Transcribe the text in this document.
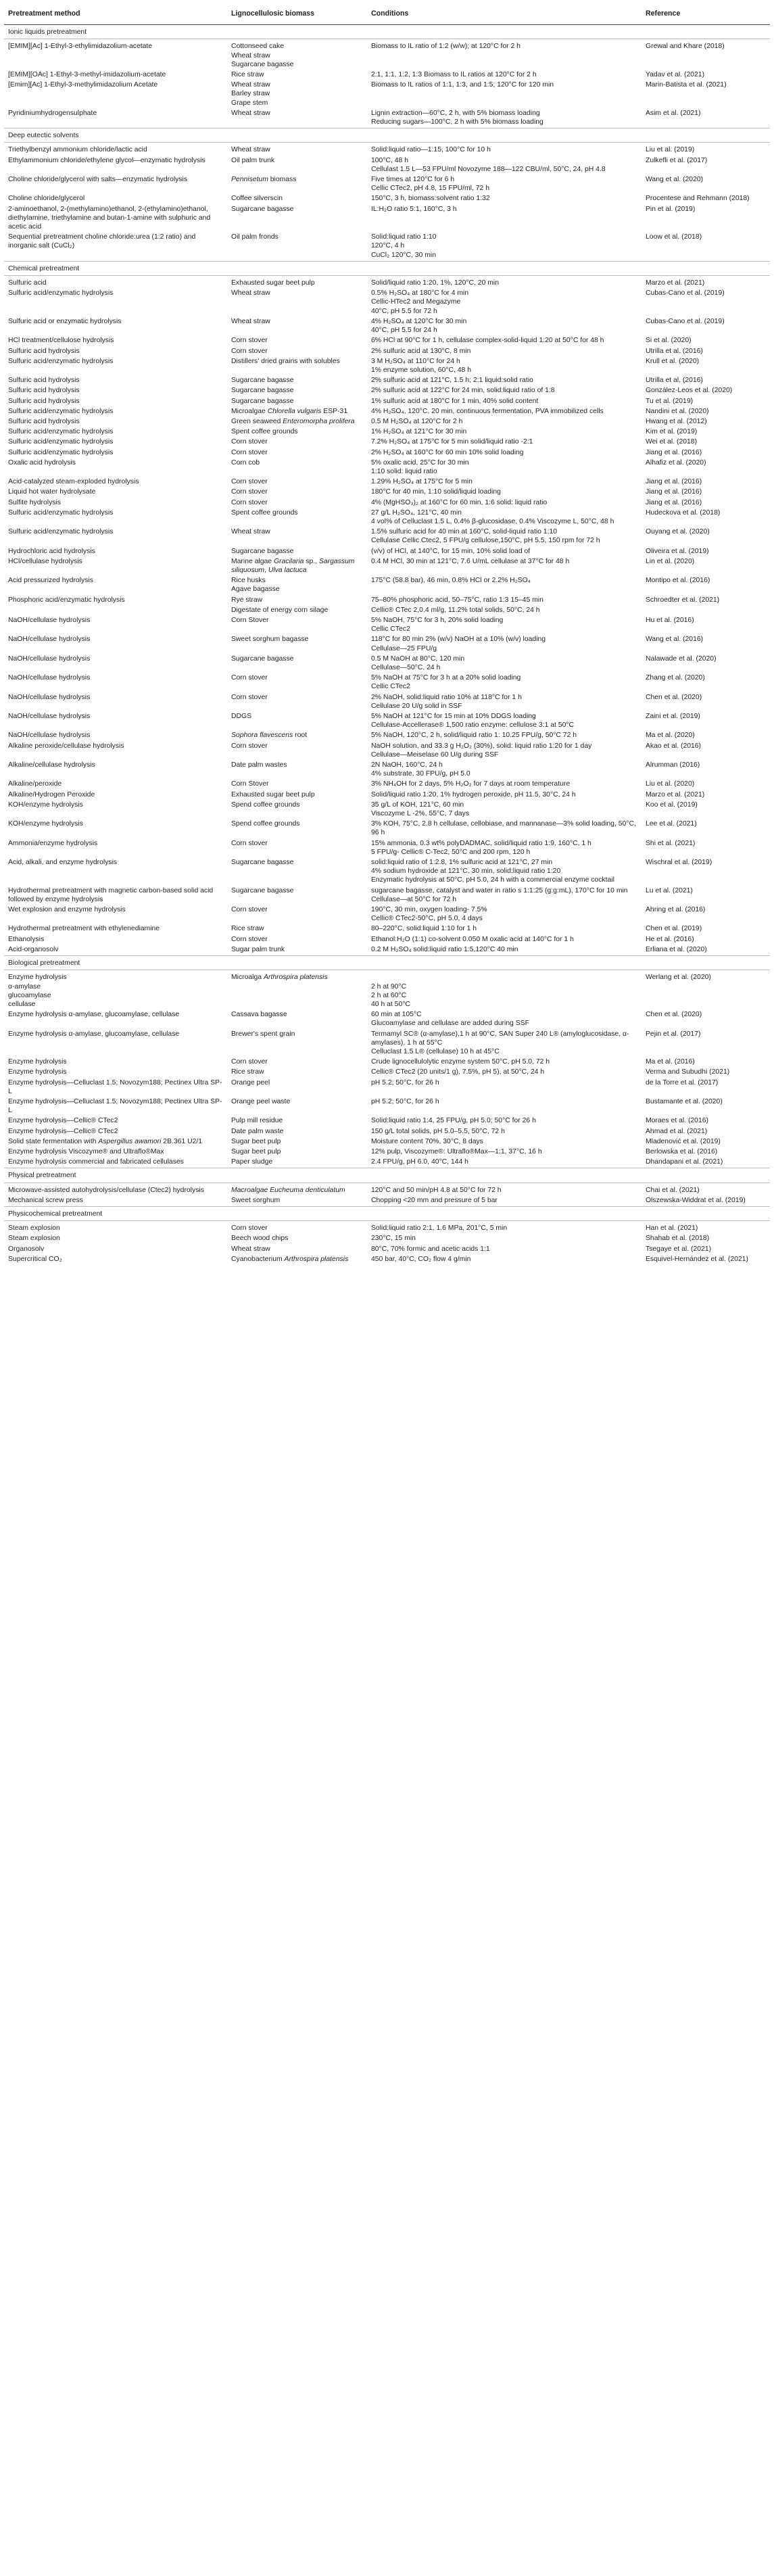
Pretreatment method	Lignocellulosic biomass	Conditions	Reference
Ionic liquids pretreatment			

[EMIM][Ac] 1-Ethyl-3-ethylimidazolium-acetate	Cottonseed cake
Wheat straw
Sugarcane bagasse	Biomass to IL ratio of 1:2 (w/w); at 120°C for 2 h	Grewal and Khare (2018)

[EMIM][OAc] 1-Ethyl-3-methyl-imidazolium-acetate	Rice straw	2:1, 1:1, 1:2, 1:3 Biomass to IL ratios at 120°C for 2 h	Yadav et al. (2021)

[Emim][Ac] 1-Ethyl-3-methylimidazolium Acetate	Wheat straw
Barley straw
Grape stem	Biomass to IL ratios of 1:1, 1:3, and 1:5; 120°C for 120 min	Marin-Batista et al. (2021)

Pyridiniumhydrogensulphate	Wheat straw	Lignin extraction—60°C, 2 h, with 5% biomass loading
Reducing sugars—100°C, 2 h with 5% biomass loading	Asim et al. (2021)

Deep eutectic solvents			

Triethylbenzyl ammonium chloride/lactic acid	Wheat straw	Solid:liquid ratio—1:15, 100°C for 10 h	Liu et al. (2019)

Ethylammonium chloride/ethylene glycol—enzymatic hydrolysis	Oil palm trunk	100°C, 48 h
Cellulast 1.5 L—53 FPU/ml Novozyme 188—122 CBU/ml, 50°C, 24, pH 4.8	Zulkefli et al. (2017)

Choline chloride/glycerol with salts—enzymatic hydrolysis	Pennisetum biomass	Five times at 120°C for 6 h
Cellic CTec2, pH 4.8, 15 FPU/ml, 72 h	Wang et al. (2020)

Choline chloride/glycerol	Coffee silverscin	150°C, 3 h, biomass:solvent ratio 1:32	Procentese and Rehmann (2018)

2-aminoethanol, 2-(methylamino)ethanol, 2-(ethylamino)ethanol, diethylamine, triethylamine and butan-1-amine with sulphuric and acetic acid	Sugarcane bagasse	IL:H₂O ratio 5:1, 160°C, 3 h	Pin et al. (2019)

Sequential pretreatment choline chloride:urea (1:2 ratio) and inorganic salt (CuCl₂)	Oil palm fronds	Solid:liquid ratio 1:10
120°C, 4 h
CuCl₂ 120°C, 30 min	Loow et al. (2018)

Chemical pretreatment			

Sulfuric acid	Exhausted sugar beet pulp	Solid/liquid ratio 1:20, 1%, 120°C, 20 min	Marzo et al. (2021)

Sulfuric acid/enzymatic hydrolysis	Wheat straw	0.5% H₂SO₄ at 180°C for 4 min
Cellic-HTec2 and Megazyme
40°C, pH 5.5 for 72 h	Cubas-Cano et al. (2019)

Sulfuric acid or enzymatic hydrolysis	Wheat straw	4% H₂SO₄ at 120°C for 30 min
40°C, pH 5.5 for 24 h	Cubas-Cano et al. (2019)

HCl treatment/cellulose hydrolysis	Corn stover	6% HCl at 90°C for 1 h, cellulase complex-solid-liquid 1:20 at 50°C for 48 h	Si et al. (2020)

Sulfuric acid hydrolysis	Corn stover	2% sulfuric acid at 130°C, 8 min	Utrilla et al. (2016)

Sulfuric acid/enzymatic hydrolysis	Distillers' dried grains with solubles	3 M H₂SO₄ at 110°C for 24 h
1% enzyme solution, 60°C, 48 h	Krull et al. (2020)

Sulfuric acid hydrolysis	Sugarcane bagasse	2% sulfuric acid at 121°C, 1.5 h; 2:1 liquid:solid ratio	Utrilla et al. (2016)

Sulfuric acid hydrolysis	Sugarcane bagasse	2% sulfuric acid at 122°C for 24 min, solid:liquid ratio of 1:8	González-Leos et al. (2020)

Sulfuric acid hydrolysis	Sugarcane bagasse	1% sulfuric acid at 180°C for 1 min, 40% solid content	Tu et al. (2019)

Sulfuric acid/enzymatic hydrolysis	Microalgae Chlorella vulgaris ESP-31	4% H₂SO₄, 120°C, 20 min, continuous fermentation, PVA immobilized cells	Nandini et al. (2020)

Sulfuric acid hydrolysis	Green seaweed Enteromorpha prolifera	0.5 M H₂SO₄ at 120°C for 2 h	Hwang et al. (2012)

Sulfuric acid/enzymatic hydrolysis	Spent coffee grounds	1% H₂SO₄ at 121°C for 30 min	Kim et al. (2019)

Sulfuric acid/enzymatic hydrolysis	Corn stover	7.2% H₂SO₄ at 175°C for 5 min solid/liquid ratio -2:1	Wei et al. (2018)

Sulfuric acid/enzymatic hydrolysis	Corn stover	2% H₂SO₄ at 160°C for 60 min 10% solid loading	Jiang et al. (2016)

Oxalic acid hydrolysis	Corn cob	5% oxalic acid, 25°C for 30 min
1:10 solid: liquid ratio	Alhafiz et al. (2020)

Acid-catalyzed steam-exploded hydrolysis	Corn stover	1.29% H₂SO₄ at 175°C for 5 min	Jiang et al. (2016)

Liquid hot water hydrolysate	Corn stover	180°C for 40 min, 1:10 solid/liquid loading	Jiang et al. (2016)

Sulfite hydrolysis	Corn stover	4% (MgHSO₃)₂ at 160°C for 60 min, 1:6 solid: liquid ratio	Jiang et al. (2016)

Sulfuric acid/enzymatic hydrolysis	Spent coffee grounds	27 g/L H₂SO₄, 121°C, 40 min
4 vol% of Celluclast 1.5 L, 0.4% β-glucosidase, 0.4% Viscozyme L, 50°C, 48 h	Hudeckova et al. (2018)

Sulfuric acid/enzymatic hydrolysis	Wheat straw	1.5% sulfuric acid for 40 min at 160°C, solid-liquid ratio 1:10
Cellulase Cellic Ctec2, 5 FPU/g cellulose,150°C, pH 5.5, 150 rpm for 72 h	Ouyang et al. (2020)

Hydrochloric acid hydrolysis	Sugarcane bagasse	(v/v) of HCl, at 140°C, for 15 min, 10% solid load of	Oliveira et al. (2019)

HCl/cellulase hydrolysis	Marine algae Gracilaria sp., Sargassum siliquosum, Ulva lactuca	0.4 M HCl, 30 min at 121°C, 7.6 U/mL cellulase at 37°C for 48 h	Lin et al. (2020)

Acid pressurized hydrolysis	Rice husks
Agave bagasse	175°C (58.8 bar), 46 min, 0.8% HCl or 2.2% H₂SO₄	Montipo et al. (2016)

Phosphoric acid/enzymatic hydrolysis	Rye straw	75–80% phosphoric acid, 50–75°C, ratio 1:3 15–45 min	Schroedter et al. (2021)

	Digestate of energy corn silage	Cellic® CTec 2,0.4 ml/g, 11.2% total solids, 50°C, 24 h	

NaOH/cellulase hydrolysis	Corn Stover	5% NaOH, 75°C for 3 h, 20% solid loading
Cellic CTec2	Hu et al. (2016)

NaOH/cellulase hydrolysis	Sweet sorghum bagasse	118°C for 80 min 2% (w/v) NaOH at a 10% (w/v) loading
Cellulase—25 FPU/g	Wang et al. (2016)

NaOH/cellulase hydrolysis	Sugarcane bagasse	0.5 M NaOH at 80°C, 120 min
Cellulase—50°C, 24 h	Nalawade et al. (2020)

NaOH/cellulase hydrolysis	Corn stover	5% NaOH at 75°C for 3 h at a 20% solid loading
Cellic CTec2	Zhang et al. (2020)

NaOH/cellulase hydrolysis	Corn stover	2% NaOH, solid:liquid ratio 10% at 118°C for 1 h
Cellulase 20 U/g solid in SSF	Chen et al. (2020)

NaOH/cellulase hydrolysis	DDGS	5% NaOH at 121°C for 15 min at 10% DDGS loading
Cellulase-Accellerase® 1,500 ratio enzyme: cellulose 3:1 at 50°C	Zaini et al. (2019)

NaOH/cellulase hydrolysis	Sophora flavescens root	5% NaOH, 120°C, 2 h, solid/liquid ratio 1: 10.25 FPU/g, 50°C 72 h	Ma et al. (2020)

Alkaline peroxide/cellulase hydrolysis	Corn stover	NaOH solution, and 33.3 g H₂O₂ (30%), solid: liquid ratio 1:20 for 1 day
Cellulase—Meiselase 60 U/g during SSF	Akao et al. (2016)

Alkaline/cellulase hydrolysis	Date palm wastes	2N NaOH, 160°C, 24 h
4% substrate, 30 FPU/g, pH 5.0	Alrumman (2016)

Alkaline/peroxide	Corn Stover	3% NH₄OH for 2 days, 5% H₂O₂ for 7 days at room temperature	Liu et al. (2020)

Alkaline/Hydrogen Peroxide	Exhausted sugar beet pulp	Solid/liquid ratio 1:20, 1% hydrogen peroxide, pH 11.5, 30°C, 24 h	Marzo et al. (2021)

KOH/enzyme hydrolysis	Spend coffee grounds	35 g/L of KOH, 121°C, 60 min
Viscozyme L -2%, 55°C, 7 days	Koo et al. (2019)

KOH/enzyme hydrolysis	Spend coffee grounds	3% KOH, 75°C, 2.8 h cellulase, cellobiase, and mannanase—3% solid loading, 50°C, 96 h	Lee et al. (2021)

Ammonia/enzyme hydrolysis	Corn stover	15% ammonia, 0.3 wt% polyDADMAC, solid/liquid ratio 1:9, 160°C, 1 h
5 FPU/g- Cellic® C-Tec2, 50°C and 200 rpm, 120 h	Shi et al. (2021)

Acid, alkali, and enzyme hydrolysis	Sugarcane bagasse	solid:liquid ratio of 1:2.8, 1% sulfuric acid at 121°C, 27 min
4% sodium hydroxide at 121°C, 30 min, solid:liquid ratio 1:20
Enzymatic hydrolysis at 50°C, pH 5.0, 24 h with a commercial enzyme cocktail	Wischral et al. (2019)

Hydrothermal pretreatment with magnetic carbon-based solid acid followed by enzyme hydrolysis	Sugarcane bagasse	sugarcane bagasse, catalyst and water in ratio s 1:1:25 (g:g:mL), 170°C for 10 min
Cellulase—at 50°C for 72 h	Lu et al. (2021)

Wet explosion and enzyme hydrolysis	Corn stover	190°C, 30 min, oxygen loading- 7.5%
Cellic® CTec2-50°C, pH 5.0, 4 days	Ahring et al. (2016)

Hydrothermal pretreatment with ethylenediamine	Rice straw	80–220°C, solid:liquid 1:10 for 1 h	Chen et al. (2019)

Ethanolysis	Corn stover	Ethanol:H₂O (1:1) co-solvent 0.050 M oxalic acid at 140°C for 1 h	He et al. (2016)

Acid-organosolv	Sugar palm trunk	0.2 M H₂SO₄ solid:liquid ratio 1:5,120°C 40 min	Erliana et al. (2020)

Biological pretreatment			

Enzyme hydrolysis
α-amylase
glucoamylase
cellulase	Microalga Arthrospira platensis	
2 h at 90°C
2 h at 60°C
40 h at 50°C	Werlang et al. (2020)

Enzyme hydrolysis α-amylase, glucoamylase, cellulase	Cassava bagasse	60 min at 105°C
Glucoamylase and cellulase are added during SSF	Chen et al. (2020)

Enzyme hydrolysis α-amylase, glucoamylase, cellulase	Brewer's spent grain	Termamyl SC® (α-amylase),1 h at 90°C, SAN Super 240 L® (amyloglucosidase, α-amylases), 1 h at 55°C
Celluclast 1.5 L® (cellulase) 10 h at 45°C	Pejin et al. (2017)

Enzyme hydrolysis	Corn stover	Crude lignocellulolytic enzyme system 50°C, pH 5.0, 72 h	Ma et al. (2016)

Enzyme hydrolysis	Rice straw	Cellic® CTec2 (20 units/1 g), 7.5%, pH 5), at 50°C, 24 h	Verma and Subudhi (2021)

Enzyme hydrolysis—Celluclast 1.5; Novozym188; Pectinex Ultra SP-L	Orange peel	pH 5.2; 50°C, for 26 h	de la Torre et al. (2017)

Enzyme hydrolysis—Celluclast 1.5; Novozym188; Pectinex Ultra SP-L	Orange peel waste	pH 5.2; 50°C, for 26 h	Bustamante et al. (2020)

Enzyme hydrolysis—Cellic® CTec2	Pulp mill residue	Solid:liquid ratio 1:4, 25 FPU/g, pH 5.0; 50°C for 26 h	Moraes et al. (2016)

Enzyme hydrolysis—Cellic® CTec2	Date palm waste	150 g/L total solids, pH 5.0–5.5, 50°C, 72 h	Ahmad et al. (2021)

Solid state fermentation with Aspergillus awamori 2B.361 U2/1	Sugar beet pulp	Moisture content 70%, 30°C, 8 days	Mladenović et al. (2019)

Enzyme hydrolysis Viscozyme® and Ultraflo®Max	Sugar beet pulp	12% pulp, Viscozyme®: Ultraflo®Max—1:1, 37°C, 16 h	Berlowska et al. (2016)

Enzyme hydrolysis commercial and fabricated cellulases	Paper sludge	2.4 FPU/g, pH 6.0, 40°C, 144 h	Dhandapani et al. (2021)

Physical pretreatment			

Microwave-assisted autohydrolysis/cellulase (Ctec2) hydrolysis	Macroalgae Eucheuma denticulatum	120°C and 50 min/pH 4.8 at 50°C for 72 h	Chai et al. (2021)

Mechanical screw press	Sweet sorghum	Chopping <20 mm and pressure of 5 bar	Olszewska-Widdrat et al. (2019)

Physicochemical pretreatment			

Steam explosion	Corn stover	Solid:liquid ratio 2:1, 1.6 MPa, 201°C, 5 min	Han et al. (2021)

Steam explosion	Beech wood chips	230°C, 15 min	Shahab et al. (2018)

Organosolv	Wheat straw	80°C, 70% formic and acetic acids 1:1	Tsegaye et al. (2021)

Supercritical CO₂	Cyanobacterium Arthrospira platensis	450 bar, 40°C, CO₂ flow 4 g/min	Esquivel-Hernández et al. (2021)
